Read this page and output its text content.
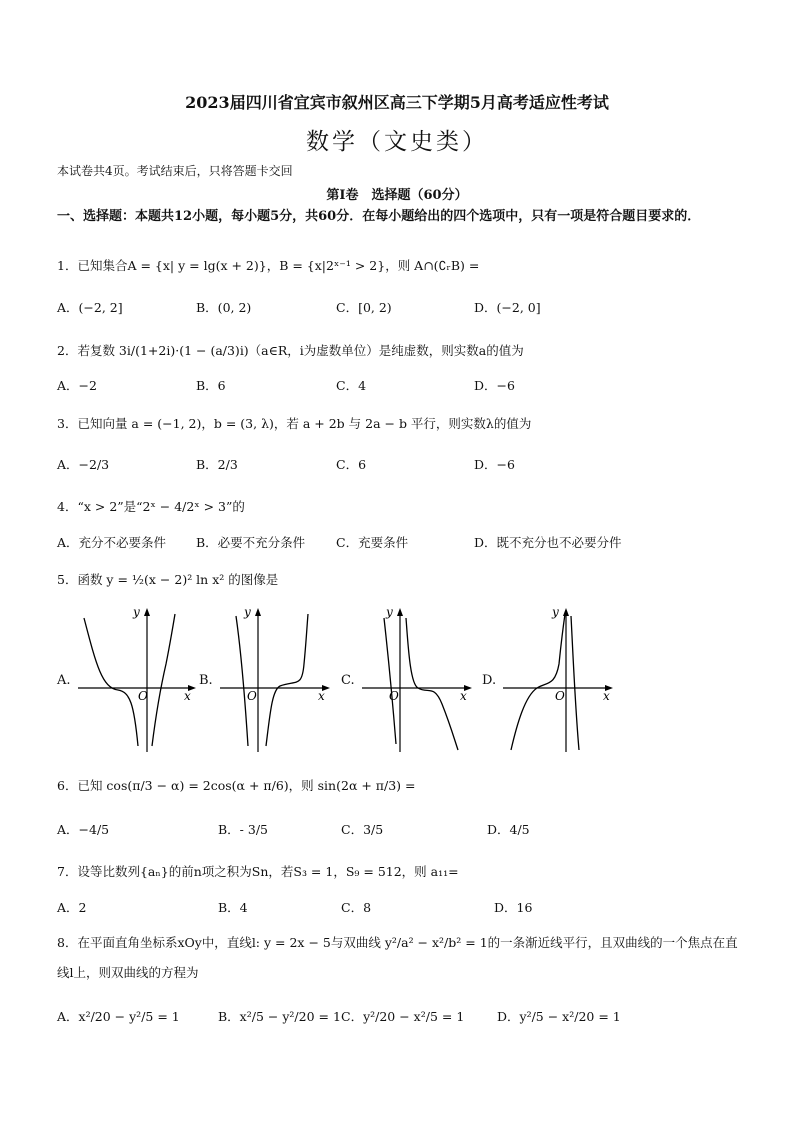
2023届四川省宜宾市叙州区高三下学期5月高考适应性考试
数学（文史类）
本试卷共4页。考试结束后，只将答题卡交回
第I卷　选择题（60分）
一、选择题：本题共12小题，每小题5分，共60分．在每小题给出的四个选项中，只有一项是符合题目要求的．
1．已知集合A = {x| y = lg(x + 2)}，B = {x|2ˣ⁻¹ > 2}，则 A∩(∁ᵣB) =
A．(−2, 2]	B．(0, 2)	C．[0, 2)	D．(−2, 0]
2．若复数 3i/(1+2i)·(1 − (a/3)i)（a∈R，i为虚数单位）是纯虚数，则实数a的值为
A．−2	B．6	C．4	D．−6
3．已知向量 a = (−1, 2)，b = (3, λ)，若 a + 2b 与 2a − b 平行，则实数λ的值为
A．−2/3	B．2/3	C．6	D．−6
4．“x > 2”是“2ˣ − 4/2ˣ > 3”的
A．充分不必要条件 B．必要不充分条件 C．充要条件	D．既不充分也不必要分件
5．函数 y = ½(x − 2)² ln x² 的图像是
A.
y
x
O
B.
y
x
O
C.
y
x
O
D.
y
x
O
6．已知 cos(π/3 − α) = 2cos(α + π/6)，则 sin(2α + π/3) =
A．−4/5	B．- 3/5	C．3/5	D．4/5
7．设等比数列{aₙ}的前n项之积为Sn，若S₃ = 1，S₉ = 512，则 a₁₁=
A．2	B．4	C．8	D．16
8．在平面直角坐标系xOy中，直线l: y = 2x − 5与双曲线 y²/a² − x²/b² = 1的一条渐近线平行，且双曲线的一个焦点在直线l上，则双曲线的方程为
A．x²/20 − y²/5 = 1	B．x²/5 − y²/20 = 1 C．y²/20 − x²/5 = 1	D．y²/5 − x²/20 = 1
